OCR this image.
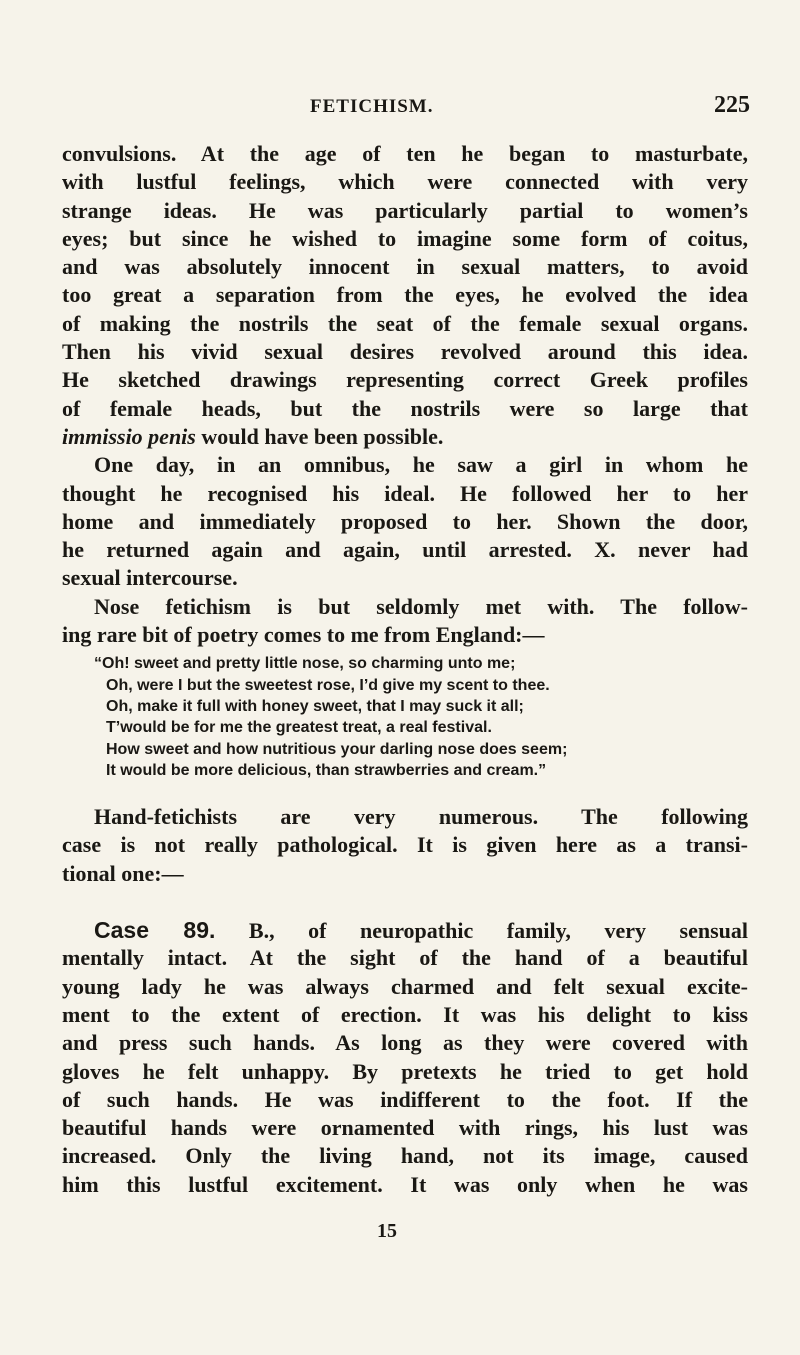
FETICHISM.	225
convulsions. At the age of ten he began to masturbate,
with lustful feelings, which were connected with very
strange ideas. He was particularly partial to women’s
eyes; but since he wished to imagine some form of coitus,
and was absolutely innocent in sexual matters, to avoid
too great a separation from the eyes, he evolved the idea
of making the nostrils the seat of the female sexual organs.
Then his vivid sexual desires revolved around this idea.
He sketched drawings representing correct Greek profiles
of female heads, but the nostrils were so large that
immissio penis would have been possible.
One day, in an omnibus, he saw a girl in whom he
thought he recognised his ideal. He followed her to her
home and immediately proposed to her. Shown the door,
he returned again and again, until arrested. X. never had
sexual intercourse.
Nose fetichism is but seldomly met with. The follow-
ing rare bit of poetry comes to me from England:—
“Oh! sweet and pretty little nose, so charming unto me;
Oh, were I but the sweetest rose, I’d give my scent to thee.
Oh, make it full with honey sweet, that I may suck it all;
T’would be for me the greatest treat, a real festival.
How sweet and how nutritious your darling nose does seem;
It would be more delicious, than strawberries and cream.”
Hand-fetichists are very numerous. The following
case is not really pathological. It is given here as a transi-
tional one:—
Case 89. B., of neuropathic family, very sensual
mentally intact. At the sight of the hand of a beautiful
young lady he was always charmed and felt sexual excite-
ment to the extent of erection. It was his delight to kiss
and press such hands. As long as they were covered with
gloves he felt unhappy. By pretexts he tried to get hold
of such hands. He was indifferent to the foot. If the
beautiful hands were ornamented with rings, his lust was
increased. Only the living hand, not its image, caused
him this lustful excitement. It was only when he was
15
